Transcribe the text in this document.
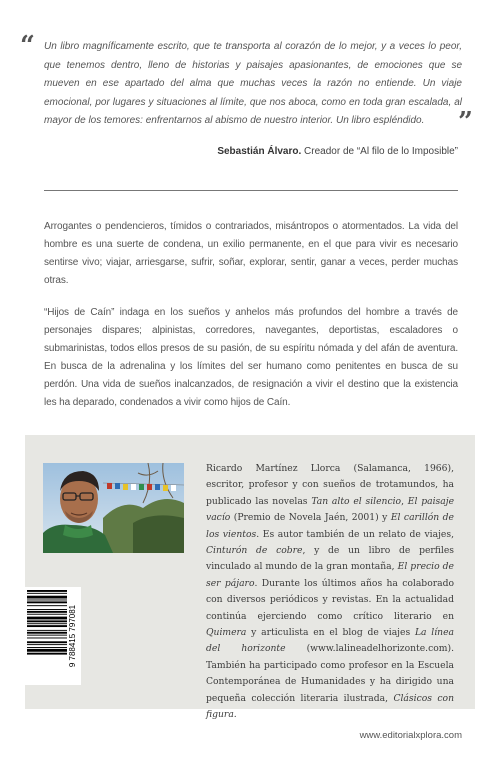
“ Un libro magníficamente escrito, que te transporta al corazón de lo mejor, y a veces lo peor, que tenemos dentro, lleno de historias y paisajes apasionantes, de emociones que se mueven en ese apartado del alma que muchas veces la razón no entiende. Un viaje emocional, por lugares y situaciones al límite, que nos aboca, como en toda gran escalada, al mayor de los temores: enfrentarnos al abismo de nuestro interior. Un libro espléndido.	”
Sebastián Álvaro. Creador de “Al filo de lo Imposible”

Arrogantes o pendencieros, tímidos o contrariados, misántropos o atormentados. La vida del hombre es una suerte de condena, un exilio permanente, en el que para vivir es necesario sentirse vivo; viajar, arriesgarse, sufrir, soñar, explorar, sentir, ganar a veces, perder muchas otras.

“Hijos de Caín” indaga en los sueños y anhelos más profundos del hombre a través de personajes dispares; alpinistas, corredores, navegantes, deportistas, escaladores o submarinistas, todos ellos presos de su pasión, de su espíritu nómada y del afán de aventura. En busca de la adrenalina y los límites del ser humano como penitentes en busca de su perdón. Una vida de sueños inalcanzados, de resignación a vivir el destino que la existencia les ha deparado, condenados a vivir como hijos de Caín.

Ricardo Martínez Llorca (Salamanca, 1966), escritor, profesor y con sueños de trotamundos, ha publicado las novelas Tan alto el silencio, El paisaje vacío (Premio de Novela Jaén, 2001) y El carillón de los vientos. Es autor también de un relato de viajes, Cinturón de cobre, y de un libro de perfiles vinculado al mundo de la gran montaña, El precio de ser pájaro. Durante los últimos años ha colaborado con diversos periódicos y revistas. En la actualidad continúa ejerciendo como crítico literario en Quimera y articulista en el blog de viajes La línea del horizonte (www.lalineadelhorizonte.com). También ha participado como profesor en la Escuela Contemporánea de Humanidades y ha dirigido una pequeña colección literaria ilustrada, Clásicos con figura.

9 788415 797081
www.editorialxplora.com
